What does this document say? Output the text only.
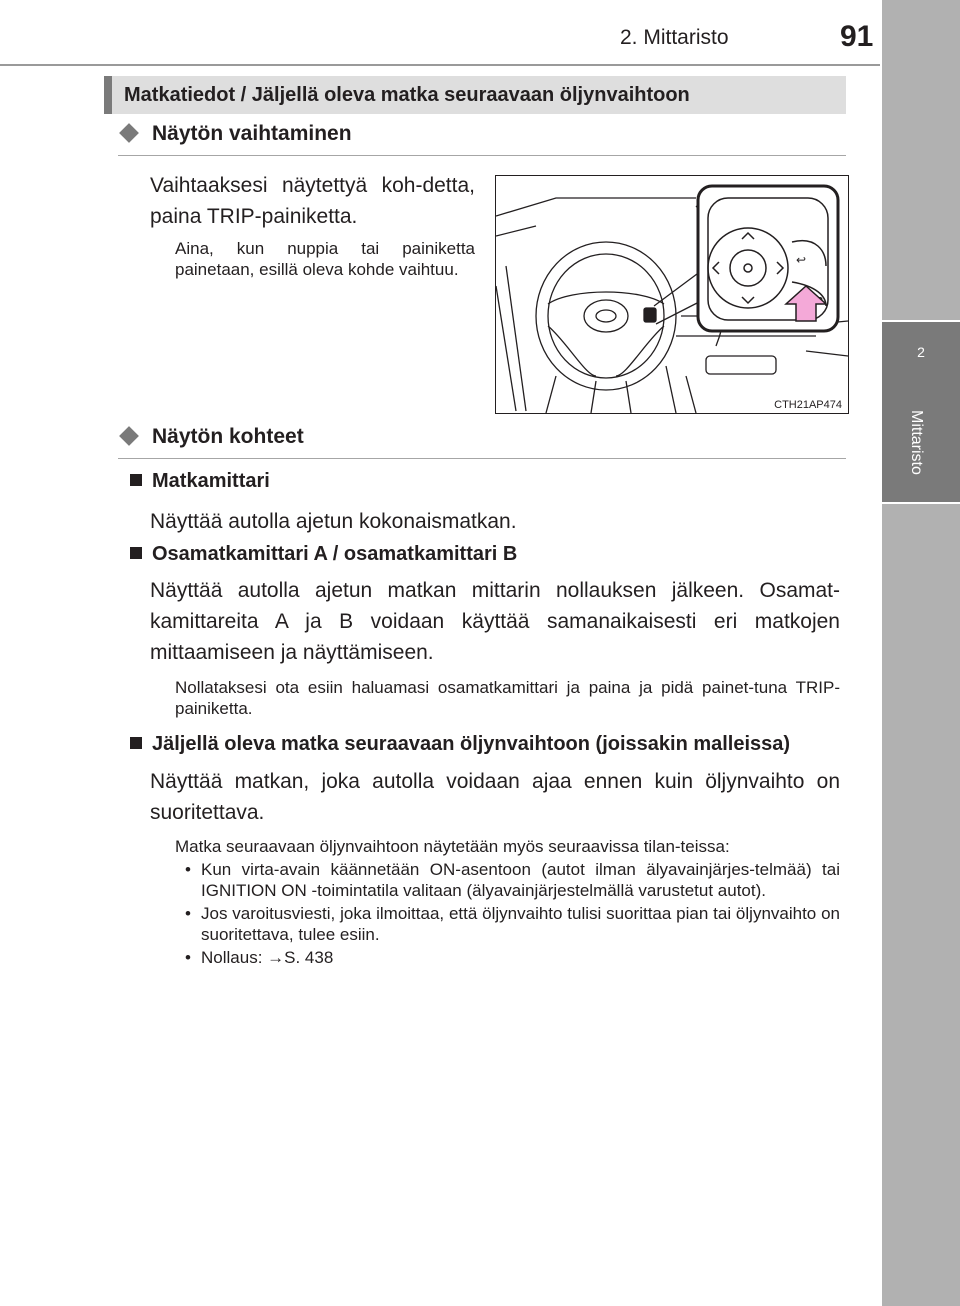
2. Mittaristo	91
2
Mittaristo
Matkatiedot / Jäljellä oleva matka seuraavaan öljynvaihtoon
Näytön vaihtaminen
Vaihtaaksesi näytettyä koh-detta, paina TRIP-painiketta.
Aina, kun nuppia tai painiketta painetaan, esillä oleva kohde vaihtuu.	↩
CTH21AP474
Näytön kohteet
Matkamittari
Näyttää autolla ajetun kokonaismatkan.
Osamatkamittari A / osamatkamittari B
Näyttää autolla ajetun matkan mittarin nollauksen jälkeen. Osamat-kamittareita A ja B voidaan käyttää samanaikaisesti eri matkojen mittaamiseen ja näyttämiseen.
Nollataksesi ota esiin haluamasi osamatkamittari ja paina ja pidä painet-tuna TRIP-painiketta.
Jäljellä oleva matka seuraavaan öljynvaihtoon (joissakin malleissa)
Näyttää matkan, joka autolla voidaan ajaa ennen kuin öljynvaihto on suoritettava.
Matka seuraavaan öljynvaihtoon näytetään myös seuraavissa tilan-teissa:
• Kun virta-avain käännetään ON-asentoon (autot ilman älyavainjärjes-telmää) tai IGNITION ON -toimintatila valitaan (älyavainjärjestelmällä varustetut autot).
• Jos varoitusviesti, joka ilmoittaa, että öljynvaihto tulisi suorittaa pian tai öljynvaihto on suoritettava, tulee esiin.
• Nollaus: →S. 438
